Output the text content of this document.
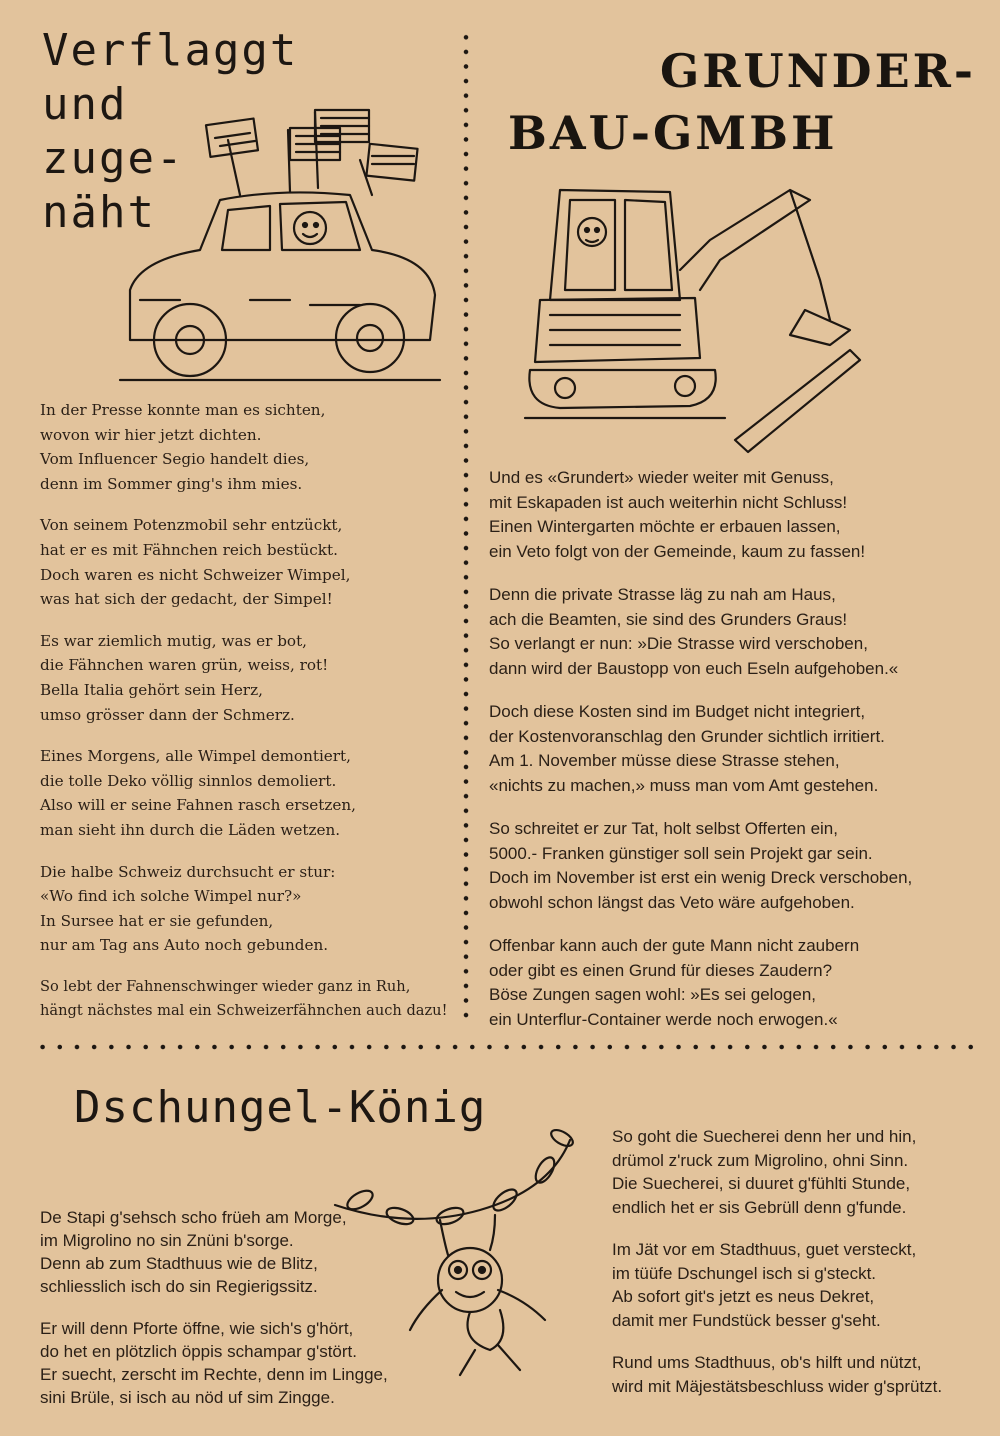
Verflaggt
und
zuge-
näht

In der Presse konnte man es sichten,
wovon wir hier jetzt dichten.
Vom Influencer Segio handelt dies,
denn im Sommer ging's ihm mies.

Von seinem Potenzmobil sehr entzückt,
hat er es mit Fähnchen reich bestückt.
Doch waren es nicht Schweizer Wimpel,
was hat sich der gedacht, der Simpel!

Es war ziemlich mutig, was er bot,
die Fähnchen waren grün, weiss, rot!
Bella Italia gehört sein Herz,
umso grösser dann der Schmerz.

Eines Morgens, alle Wimpel demontiert,
die tolle Deko völlig sinnlos demoliert.
Also will er seine Fahnen rasch ersetzen,
man sieht ihn durch die Läden wetzen.

Die halbe Schweiz durchsucht er stur:
«Wo find ich solche Wimpel nur?»
In Sursee hat er sie gefunden,
nur am Tag ans Auto noch gebunden.

So lebt der Fahnenschwinger wieder ganz in Ruh,
hängt nächstes mal ein Schweizerfähnchen auch dazu!

GRUNDER-
BAU-GMBH

Und es «Grundert» wieder weiter mit Genuss,
mit Eskapaden ist auch weiterhin nicht Schluss!
Einen Wintergarten möchte er erbauen lassen,
ein Veto folgt von der Gemeinde, kaum zu fassen!

Denn die private Strasse läg zu nah am Haus,
ach die Beamten, sie sind des Grunders Graus!
So verlangt er nun: »Die Strasse wird verschoben,
dann wird der Baustopp von euch Eseln aufgehoben.«

Doch diese Kosten sind im Budget nicht integriert,
der Kostenvoranschlag den Grunder sichtlich irritiert.
Am 1. November müsse diese Strasse stehen,
«nichts zu machen,» muss man vom Amt gestehen.

So schreitet er zur Tat, holt selbst Offerten ein,
5000.- Franken günstiger soll sein Projekt gar sein.
Doch im November ist erst ein wenig Dreck verschoben,
obwohl schon längst das Veto wäre aufgehoben.

Offenbar kann auch der gute Mann nicht zaubern
oder gibt es einen Grund für dieses Zaudern?
Böse Zungen sagen wohl: »Es sei gelogen,
ein Unterflur-Container werde noch erwogen.«

Dschungel-König

De Stapi g'sehsch scho früeh am Morge,
im Migrolino no sin Znüni b'sorge.
Denn ab zum Stadthuus wie de Blitz,
schliesslich isch do sin Regierigssitz.

Er will denn Pforte öffne, wie sich's g'hört,
do het en plötzlich öppis schampar g'stört.
Er suecht, zerscht im Rechte, denn im Lingge,
sini Brüle, si isch au nöd uf sim Zingge.

So goht die Suecherei denn her und hin,
drümol z'ruck zum Migrolino, ohni Sinn.
Die Suecherei, si duuret g'fühlti Stunde,
endlich het er sis Gebrüll denn g'funde.

Im Jät vor em Stadthuus, guet versteckt,
im tüüfe Dschungel isch si g'steckt.
Ab sofort git's jetzt es neus Dekret,
damit mer Fundstück besser g'seht.

Rund ums Stadthuus, ob's hilft und nützt,
wird mit Mäjestätsbeschluss wider g'sprützt.
